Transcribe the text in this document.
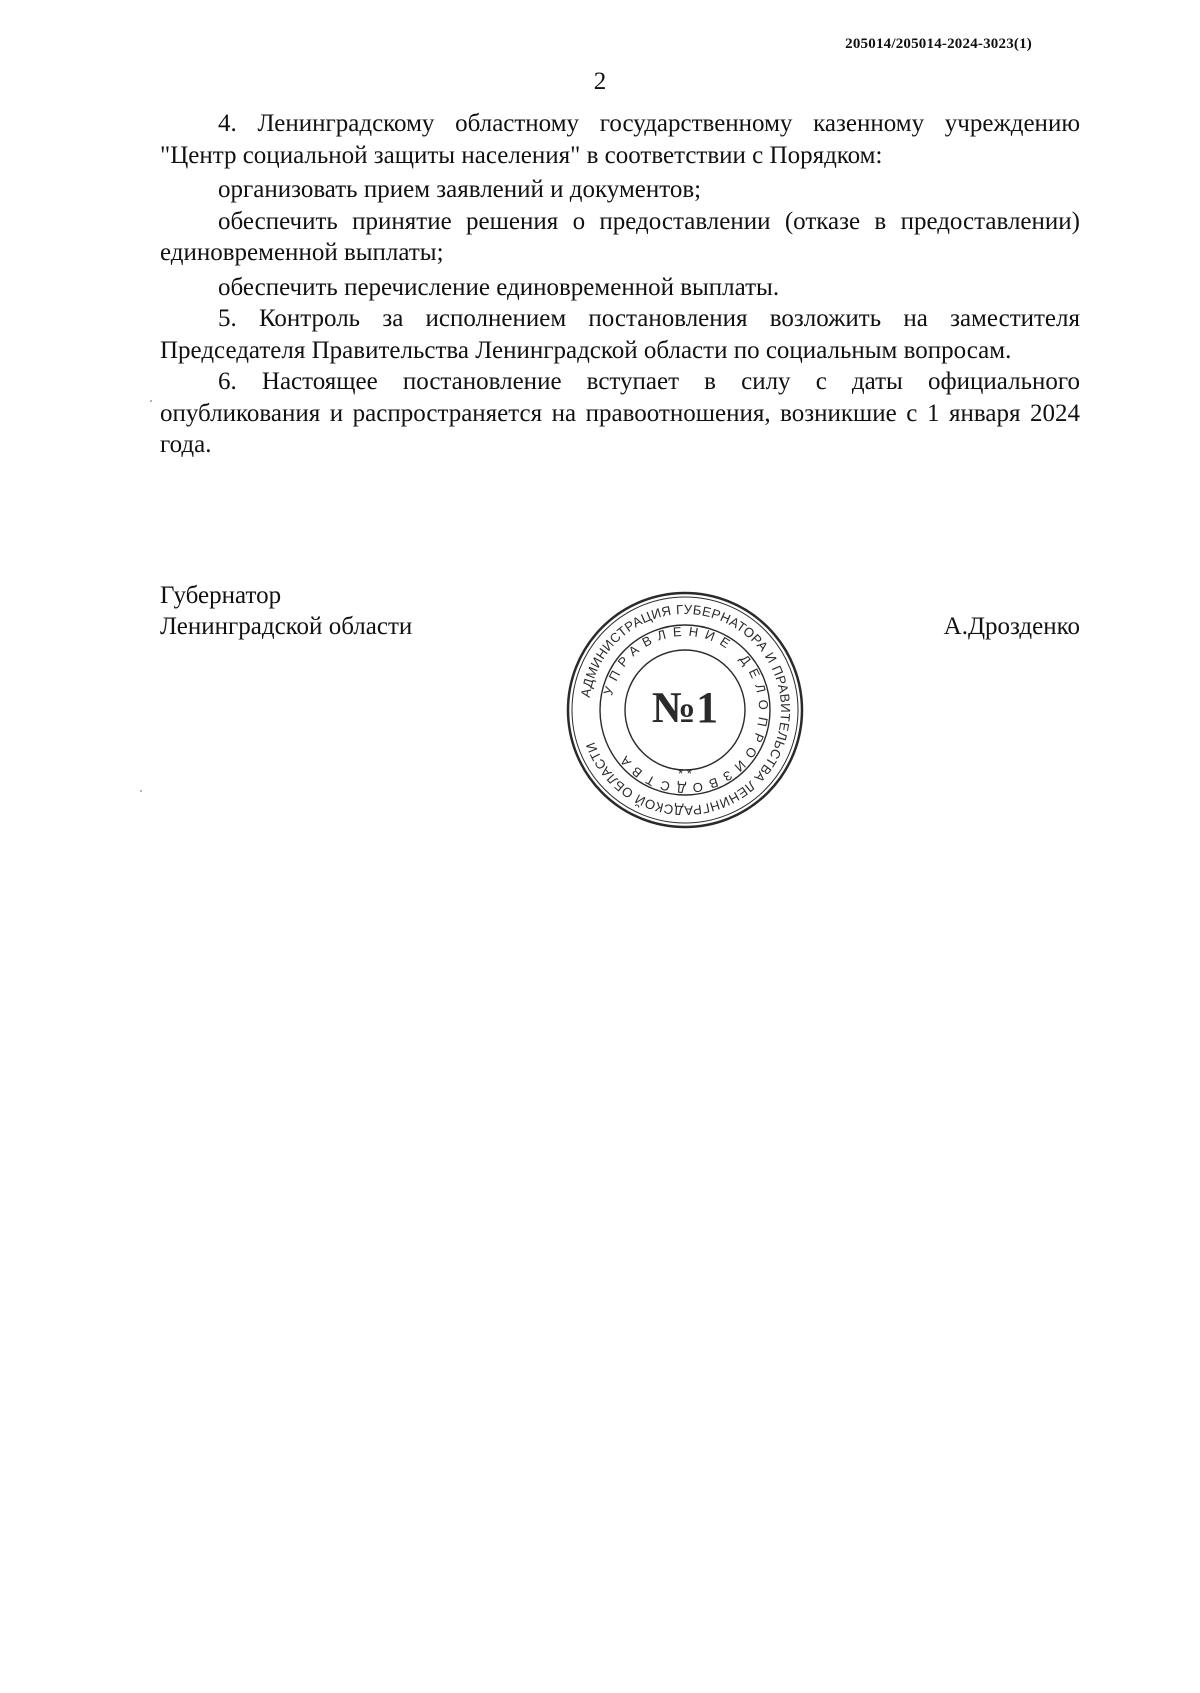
205014/205014-2024-3023(1)
2

4. Ленинградскому областному государственному казенному учреждению "Центр социальной защиты населения" в соответствии с Порядком:

организовать прием заявлений и документов;

обеспечить принятие решения о предоставлении (отказе в предоставлении) единовременной выплаты;

обеспечить перечисление единовременной выплаты.

5. Контроль за исполнением постановления возложить на заместителя Председателя Правительства Ленинградской области по социальным вопросам.

6. Настоящее постановление вступает в силу с даты официального опубликования и распространяется на правоотношения, возникшие с 1 января 2024 года.

Губернатор
Ленинградской области	А.Дрозденко
АДМИНИСТРАЦИЯ ГУБЕРНАТОРА И ПРАВИТЕЛЬСТВА ЛЕНИНГРАДСКОЙ ОБЛАСТИ
УПРАВЛЕНИЕ ДЕЛОПРОИЗВОДСТВА
* *
№1
